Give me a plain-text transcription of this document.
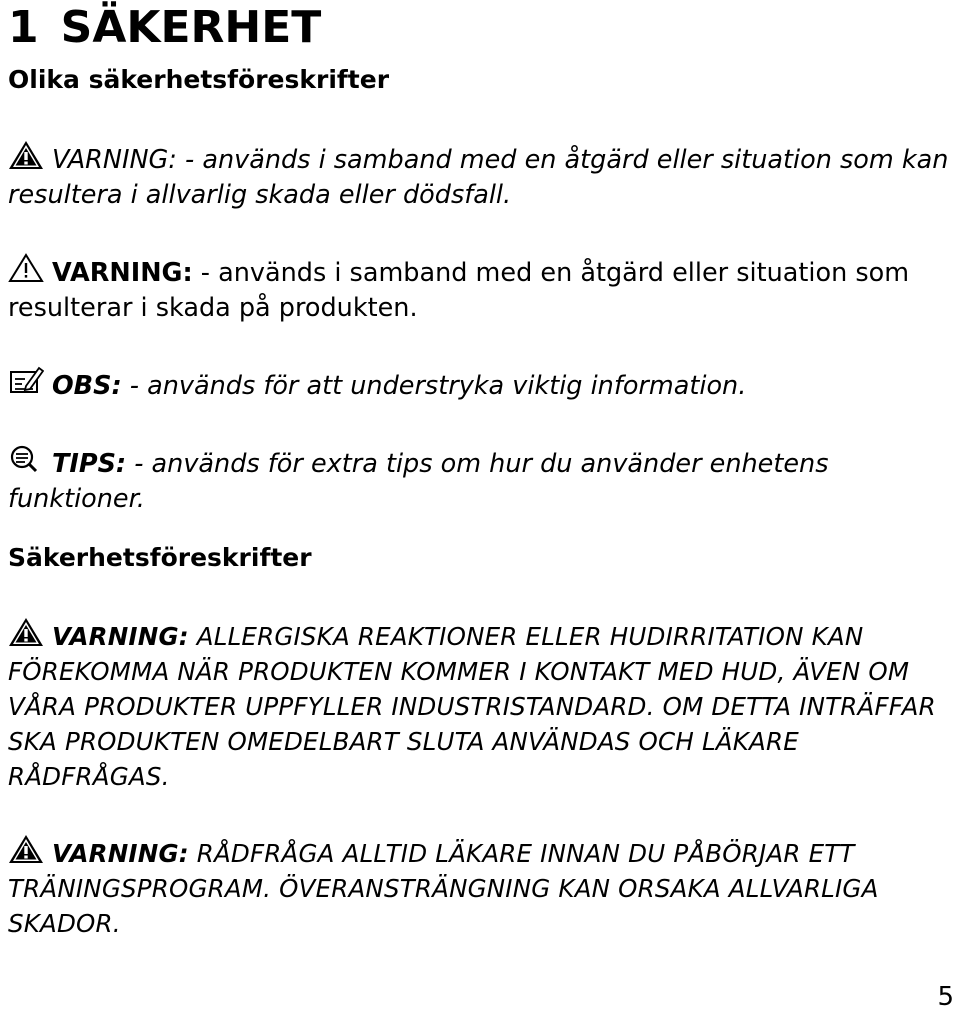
1 SÄKERHET
Olika säkerhetsföreskrifter

VARNING: - används i samband med en åtgärd eller situation som kan resultera i allvarlig skada eller dödsfall.

VARNING: - används i samband med en åtgärd eller situation som resulterar i skada på produkten.

OBS: - används för att understryka viktig information.

TIPS: - används för extra tips om hur du använder enhetens funktioner.

Säkerhetsföreskrifter

VARNING: ALLERGISKA REAKTIONER ELLER HUDIRRITATION KAN FÖREKOMMA NÄR PRODUKTEN KOMMER I KONTAKT MED HUD, ÄVEN OM VÅRA PRODUKTER UPPFYLLER INDUSTRISTANDARD. OM DETTA INTRÄFFAR SKA PRODUKTEN OMEDELBART SLUTA ANVÄNDAS OCH LÄKARE RÅDFRÅGAS.

VARNING: RÅDFRÅGA ALLTID LÄKARE INNAN DU PÅBÖRJAR ETT TRÄNINGSPROGRAM. ÖVERANSTRÄNGNING KAN ORSAKA ALLVARLIGA SKADOR.

5
